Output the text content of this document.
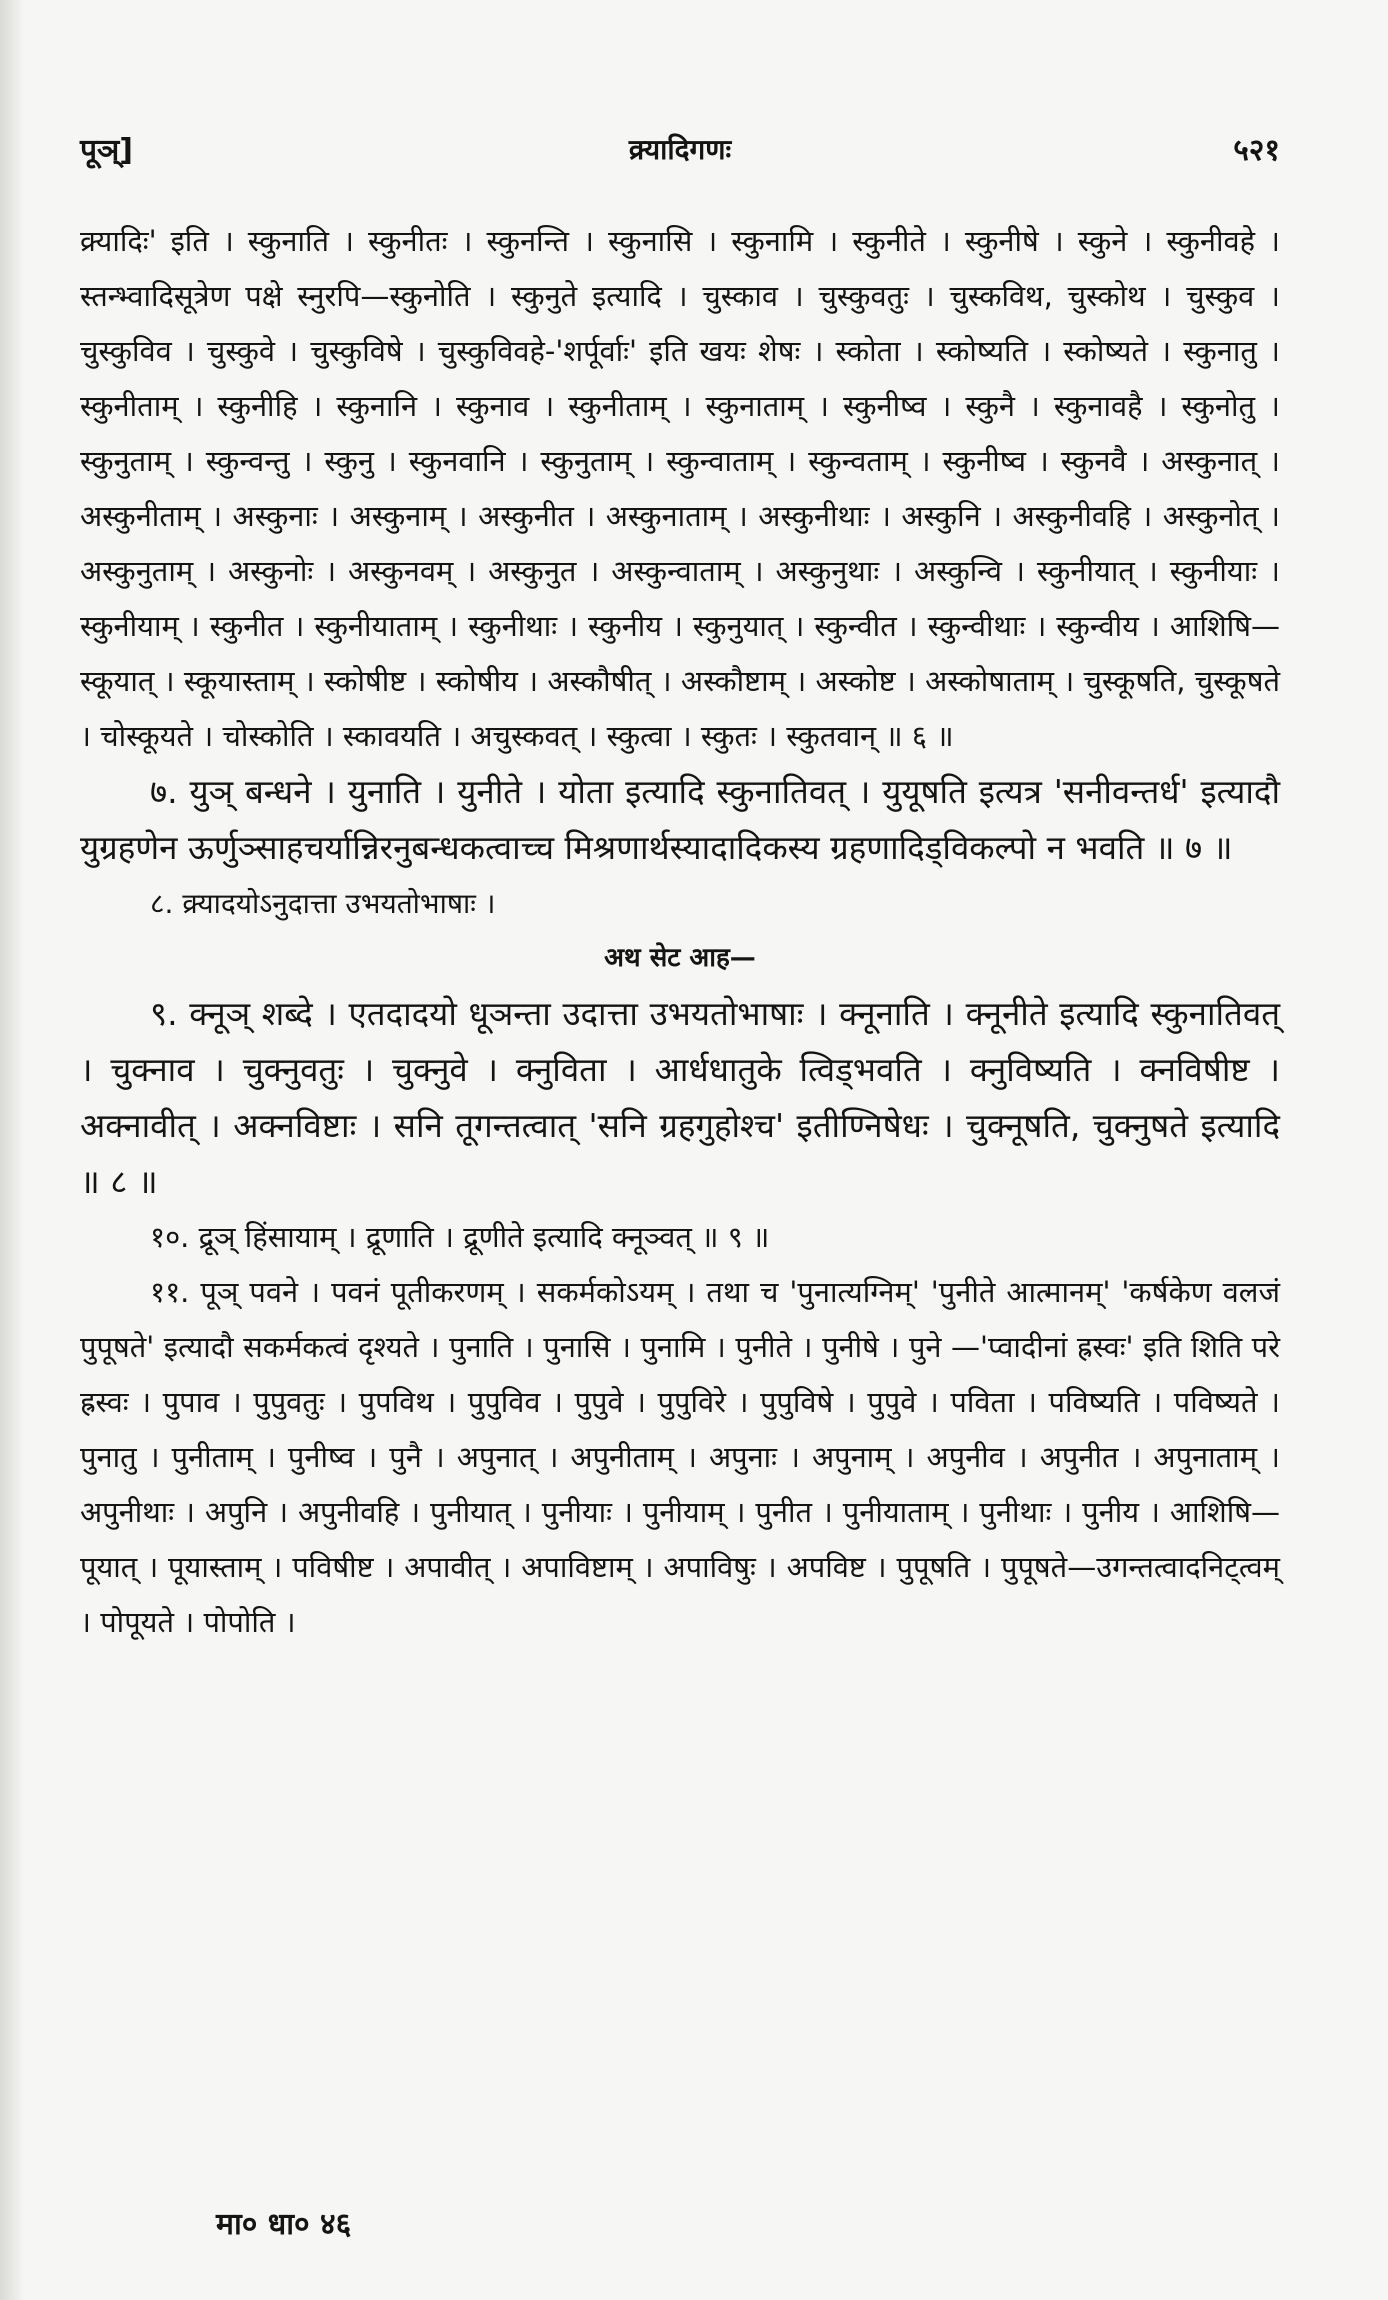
पूञ्]	क्र्यादिगणः	५२१

क्र्यादिः' इति । स्कुनाति । स्कुनीतः । स्कुनन्ति । स्कुनासि । स्कुनामि । स्कुनीते । स्कुनीषे । स्कुने । स्कुनीवहे । स्तन्भ्वादिसूत्रेण पक्षे स्नुरपि—स्कुनोति । स्कुनुते इत्यादि । चुस्काव । चुस्कुवतुः । चुस्कविथ, चुस्कोथ । चुस्कुव । चुस्कुविव । चुस्कुवे । चुस्कुविषे । चुस्कुविवहे-'शर्पूर्वाः' इति खयः शेषः । स्कोता । स्कोष्यति । स्कोष्यते । स्कुनातु । स्कुनीताम् । स्कुनीहि । स्कुनानि । स्कुनाव । स्कुनीताम् । स्कुनाताम् । स्कुनीष्व । स्कुनै । स्कुनावहै । स्कुनोतु । स्कुनुताम् । स्कुन्वन्तु । स्कुनु । स्कुनवानि । स्कुनुताम् । स्कुन्वाताम् । स्कुन्वताम् । स्कुनीष्व । स्कुनवै । अस्कुनात् । अस्कुनीताम् । अस्कुनाः । अस्कुनाम् । अस्कुनीत । अस्कुनाताम् । अस्कुनीथाः । अस्कुनि । अस्कुनीवहि । अस्कुनोत् । अस्कुनुताम् । अस्कुनोः । अस्कुनवम् । अस्कुनुत । अस्कुन्वाताम् । अस्कुनुथाः । अस्कुन्वि । स्कुनीयात् । स्कुनीयाः । स्कुनीयाम् । स्कुनीत । स्कुनीयाताम् । स्कुनीथाः । स्कुनीय । स्कुनुयात् । स्कुन्वीत । स्कुन्वीथाः । स्कुन्वीय । आशिषि—स्कूयात् । स्कूयास्ताम् । स्कोषीष्ट । स्कोषीय । अस्कौषीत् । अस्कौष्टाम् । अस्कोष्ट । अस्कोषाताम् । चुस्कूषति, चुस्कूषते । चोस्कूयते । चोस्कोति । स्कावयति । अचुस्कवत् । स्कुत्वा । स्कुतः । स्कुतवान् ॥ ६ ॥

७. युञ् बन्धने । युनाति । युनीते । योता इत्यादि स्कुनातिवत् । युयूषति इत्यत्र 'सनीवन्तर्ध' इत्यादौ युग्रहणेन ऊर्णुञ्साहचर्यान्निरनुबन्धकत्वाच्च मिश्रणार्थस्यादादिकस्य ग्रहणादिड्विकल्पो न भवति ॥ ७ ॥

८. क्र्यादयोऽनुदात्ता उभयतोभाषाः ।

अथ सेट आह—

९. क्नूञ् शब्दे । एतदादयो धूञन्ता उदात्ता उभयतोभाषाः । क्नूनाति । क्नूनीते इत्यादि स्कुनातिवत् । चुक्नाव । चुक्नुवतुः । चुक्नुवे । क्नुविता । आर्धधातुके त्विड्भवति । क्नुविष्यति । क्नविषीष्ट । अक्नावीत् । अक्नविष्टाः । सनि तूगन्तत्वात् 'सनि ग्रहगुहोश्च' इतीण्निषेधः । चुक्नूषति, चुक्नुषते इत्यादि ॥ ८ ॥

१०. द्रूञ् हिंसायाम् । द्रूणाति । द्रूणीते इत्यादि क्नूञ्वत् ॥ ९ ॥

११. पूञ् पवने । पवनं पूतीकरणम् । सकर्मकोऽयम् । तथा च 'पुनात्यग्निम्' 'पुनीते आत्मानम्' 'कर्षकेण वलजं पुपूषते' इत्यादौ सकर्मकत्वं दृश्यते । पुनाति । पुनासि । पुनामि । पुनीते । पुनीषे । पुने —'प्वादीनां ह्रस्वः' इति शिति परे ह्रस्वः । पुपाव । पुपुवतुः । पुपविथ । पुपुविव । पुपुवे । पुपुविरे । पुपुविषे । पुपुवे । पविता । पविष्यति । पविष्यते । पुनातु । पुनीताम् । पुनीष्व । पुनै । अपुनात् । अपुनीताम् । अपुनाः । अपुनाम् । अपुनीव । अपुनीत । अपुनाताम् । अपुनीथाः । अपुनि । अपुनीवहि । पुनीयात् । पुनीयाः । पुनीयाम् । पुनीत । पुनीयाताम् । पुनीथाः । पुनीय । आशिषि—पूयात् । पूयास्ताम् । पविषीष्ट । अपावीत् । अपाविष्टाम् । अपाविषुः । अपविष्ट । पुपूषति । पुपूषते—उगन्तत्वादनिट्त्वम् । पोपूयते । पोपोति ।

मा० धा० ४६
